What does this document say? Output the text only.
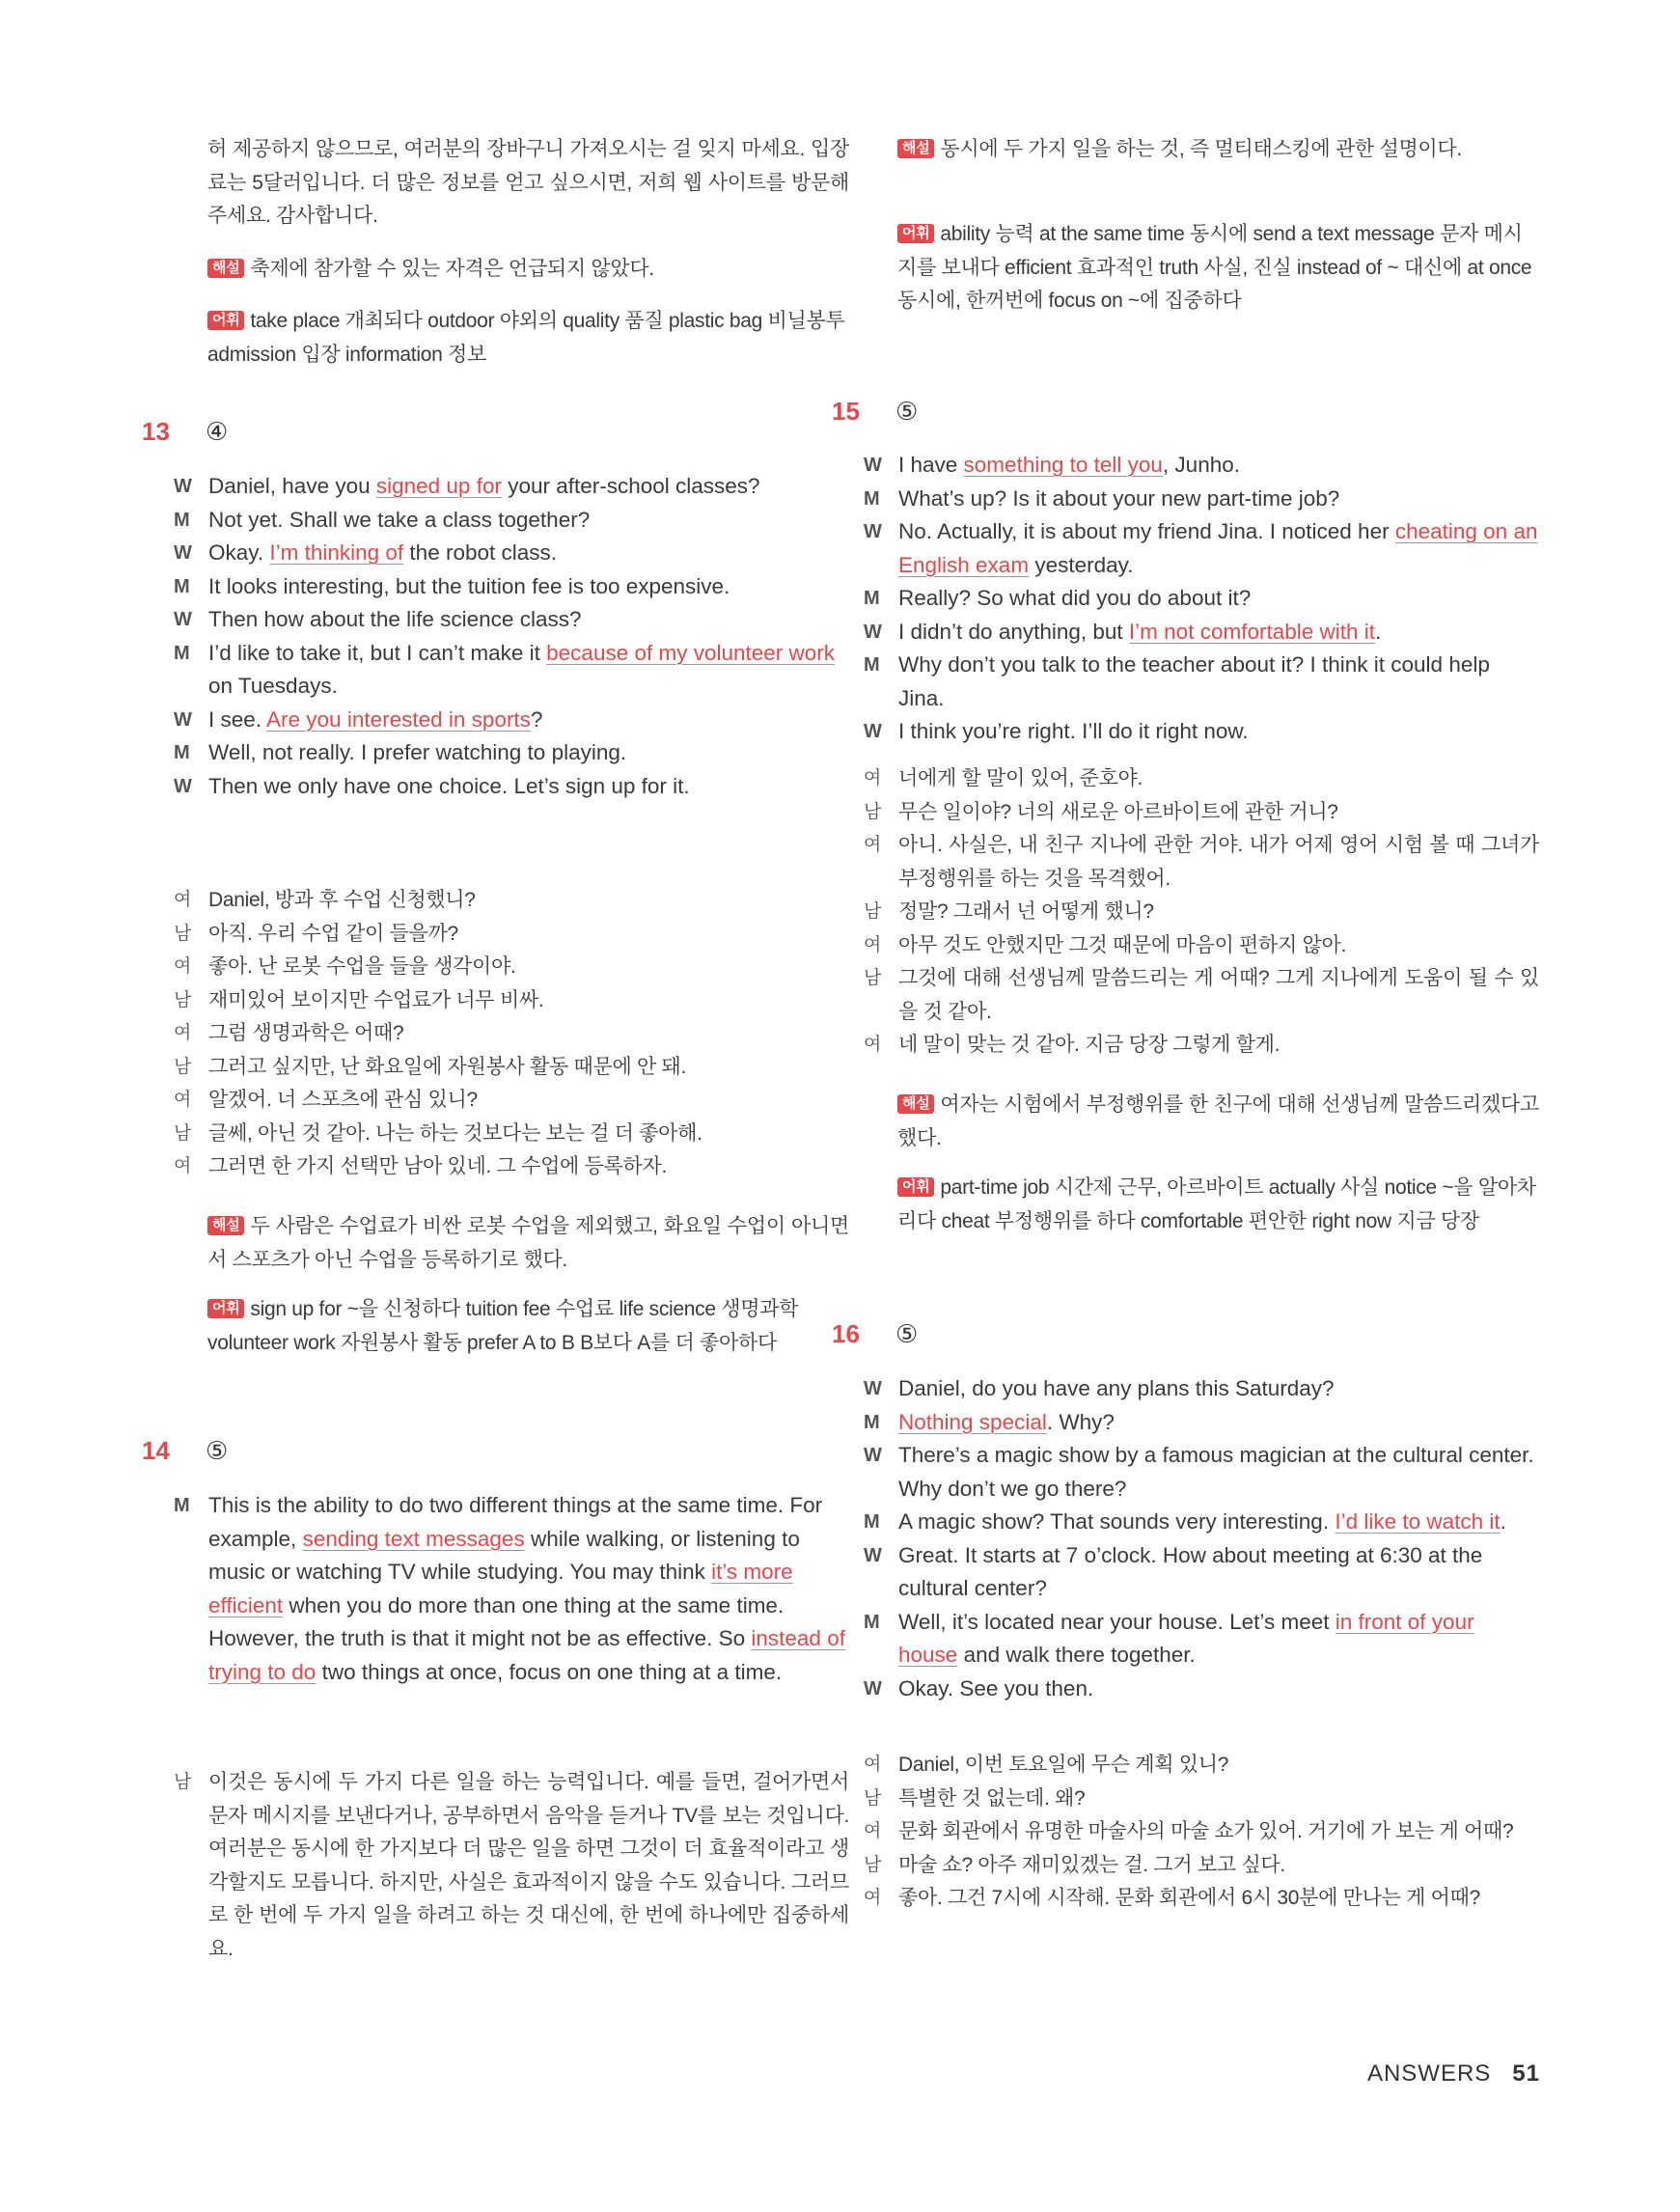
허 제공하지 않으므로, 여러분의 장바구니 가져오시는 걸 잊지 마세요. 입장료는 5달러입니다. 더 많은 정보를 얻고 싶으시면, 저희 웹 사이트를 방문해 주세요. 감사합니다.

해설 축제에 참가할 수 있는 자격은 언급되지 않았다.
어휘 take place 개최되다 outdoor 야외의 quality 품질 plastic bag 비닐봉투 admission 입장 information 정보
13 ④
W Daniel, have you signed up for your after-school classes?
M Not yet. Shall we take a class together?
W Okay. I’m thinking of the robot class.
M It looks interesting, but the tuition fee is too expensive.
W Then how about the life science class?
M I’d like to take it, but I can’t make it because of my volunteer work on Tuesdays.
W I see. Are you interested in sports?
M Well, not really. I prefer watching to playing.
W Then we only have one choice. Let’s sign up for it.
여 Daniel, 방과 후 수업 신청했니?
남 아직. 우리 수업 같이 들을까?
여 좋아. 난 로봇 수업을 들을 생각이야.
남 재미있어 보이지만 수업료가 너무 비싸.
여 그럼 생명과학은 어때?
남 그러고 싶지만, 난 화요일에 자원봉사 활동 때문에 안 돼.
여 알겠어. 너 스포츠에 관심 있니?
남 글쎄, 아닌 것 같아. 나는 하는 것보다는 보는 걸 더 좋아해.
여 그러면 한 가지 선택만 남아 있네. 그 수업에 등록하자.
해설 두 사람은 수업료가 비싼 로봇 수업을 제외했고, 화요일 수업이 아니면서 스포츠가 아닌 수업을 등록하기로 했다.
어휘 sign up for ~을 신청하다 tuition fee 수업료 life science 생명과학 volunteer work 자원봉사 활동 prefer A to B B보다 A를 더 좋아하다
14 ⑤
M This is the ability to do two different things at the same time. For example, sending text messages while walking, or listening to music or watching TV while studying. You may think it’s more efficient when you do more than one thing at the same time. However, the truth is that it might not be as effective. So instead of trying to do two things at once, focus on one thing at a time.
남 이것은 동시에 두 가지 다른 일을 하는 능력입니다. 예를 들면, 걸어가면서 문자 메시지를 보낸다거나, 공부하면서 음악을 듣거나 TV를 보는 것입니다. 여러분은 동시에 한 가지보다 더 많은 일을 하면 그것이 더 효율적이라고 생각할지도 모릅니다. 하지만, 사실은 효과적이지 않을 수도 있습니다. 그러므로 한 번에 두 가지 일을 하려고 하는 것 대신에, 한 번에 하나에만 집중하세요.
해설 동시에 두 가지 일을 하는 것, 즉 멀티태스킹에 관한 설명이다.
어휘 ability 능력 at the same time 동시에 send a text message 문자 메시지를 보내다 efficient 효과적인 truth 사실, 진실 instead of ~ 대신에 at once 동시에, 한꺼번에 focus on ~에 집중하다
15 ⑤
W I have something to tell you, Junho.
M What’s up? Is it about your new part-time job?
W No. Actually, it is about my friend Jina. I noticed her cheating on an English exam yesterday.
M Really? So what did you do about it?
W I didn’t do anything, but I’m not comfortable with it.
M Why don’t you talk to the teacher about it? I think it could help Jina.
W I think you’re right. I’ll do it right now.
여 너에게 할 말이 있어, 준호야.
남 무슨 일이야? 너의 새로운 아르바이트에 관한 거니?
여 아니. 사실은, 내 친구 지나에 관한 거야. 내가 어제 영어 시험 볼 때 그녀가 부정행위를 하는 것을 목격했어.
남 정말? 그래서 넌 어떻게 했니?
여 아무 것도 안했지만 그것 때문에 마음이 편하지 않아.
남 그것에 대해 선생님께 말씀드리는 게 어때? 그게 지나에게 도움이 될 수 있을 것 같아.
여 네 말이 맞는 것 같아. 지금 당장 그렇게 할게.
해설 여자는 시험에서 부정행위를 한 친구에 대해 선생님께 말씀드리겠다고 했다.
어휘 part-time job 시간제 근무, 아르바이트 actually 사실 notice ~을 알아차리다 cheat 부정행위를 하다 comfortable 편안한 right now 지금 당장
16 ⑤
W Daniel, do you have any plans this Saturday?
M Nothing special. Why?
W There’s a magic show by a famous magician at the cultural center. Why don’t we go there?
M A magic show? That sounds very interesting. I’d like to watch it.
W Great. It starts at 7 o’clock. How about meeting at 6:30 at the cultural center?
M Well, it’s located near your house. Let’s meet in front of your house and walk there together.
W Okay. See you then.
여 Daniel, 이번 토요일에 무슨 계획 있니?
남 특별한 것 없는데. 왜?
여 문화 회관에서 유명한 마술사의 마술 쇼가 있어. 거기에 가 보는 게 어때?
남 마술 쇼? 아주 재미있겠는 걸. 그거 보고 싶다.
여 좋아. 그건 7시에 시작해. 문화 회관에서 6시 30분에 만나는 게 어때?
ANSWERS 51
